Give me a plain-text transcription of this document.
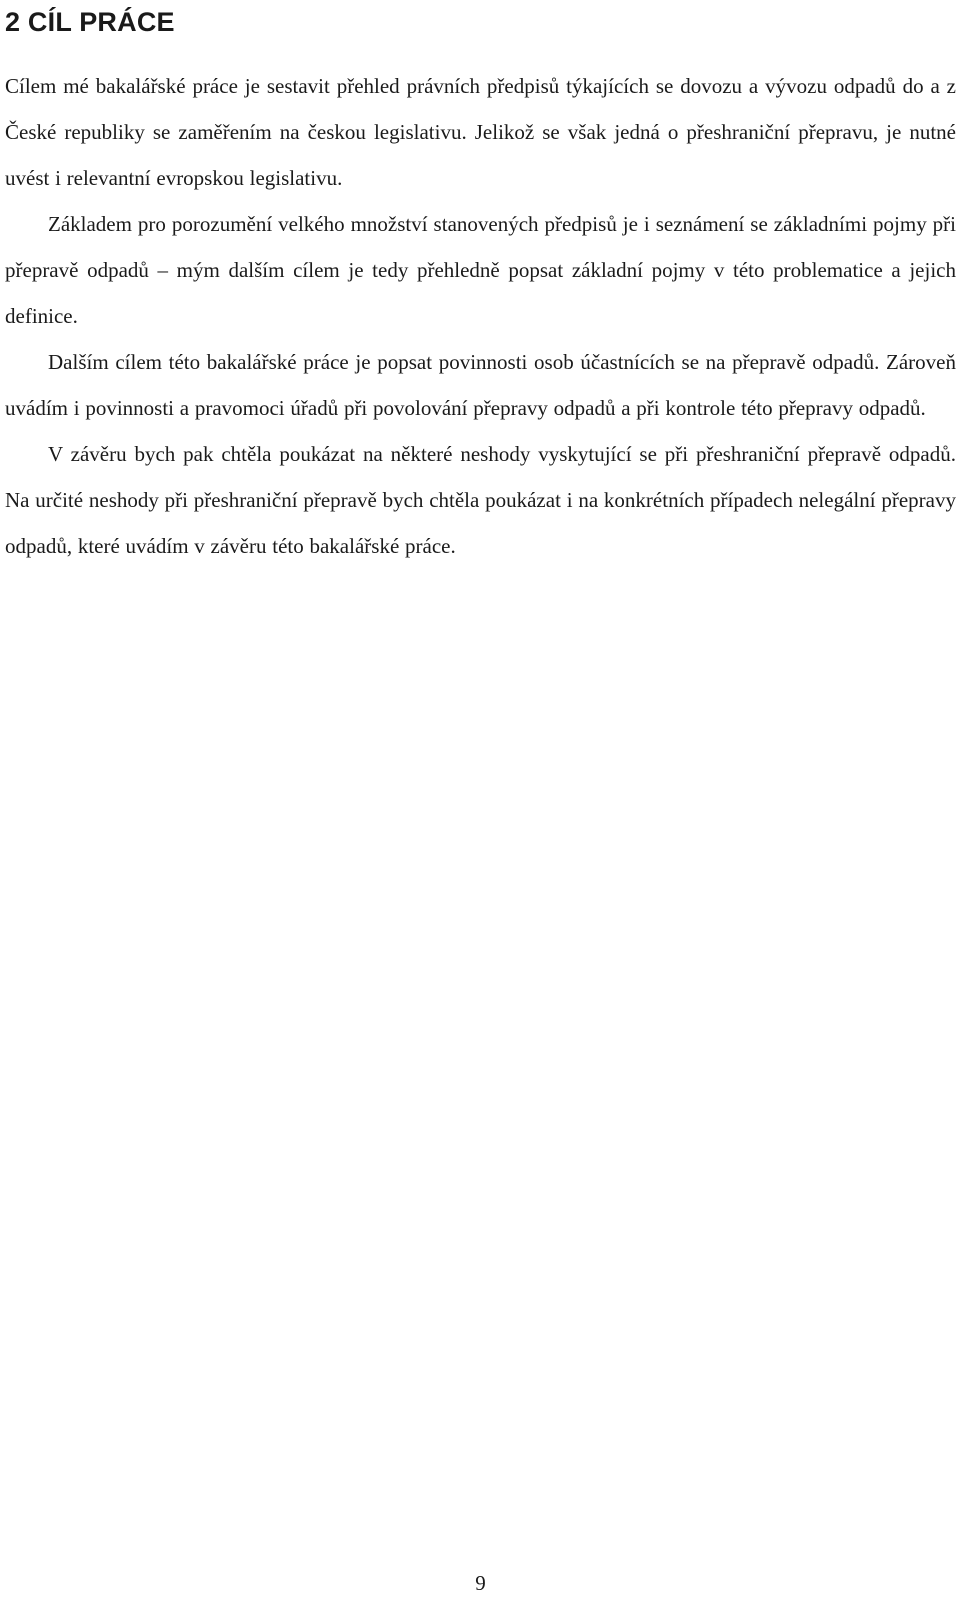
2 CÍL PRÁCE

Cílem mé bakalářské práce je sestavit přehled právních předpisů týkajících se dovozu a vývozu odpadů do a z České republiky se zaměřením na českou legislativu. Jelikož se však jedná o přeshraniční přepravu, je nutné uvést i relevantní evropskou legislativu.

Základem pro porozumění velkého množství stanovených předpisů je i seznámení se základními pojmy při přepravě odpadů – mým dalším cílem je tedy přehledně popsat základní pojmy v této problematice a jejich definice.

Dalším cílem této bakalářské práce je popsat povinnosti osob účastnících se na přepravě odpadů. Zároveň uvádím i povinnosti a pravomoci úřadů při povolování přepravy odpadů a při kontrole této přepravy odpadů.

V závěru bych pak chtěla poukázat na některé neshody vyskytující se při přeshraniční přepravě odpadů. Na určité neshody při přeshraniční přepravě bych chtěla poukázat i na konkrétních případech nelegální přepravy odpadů, které uvádím v závěru této bakalářské práce.

9
